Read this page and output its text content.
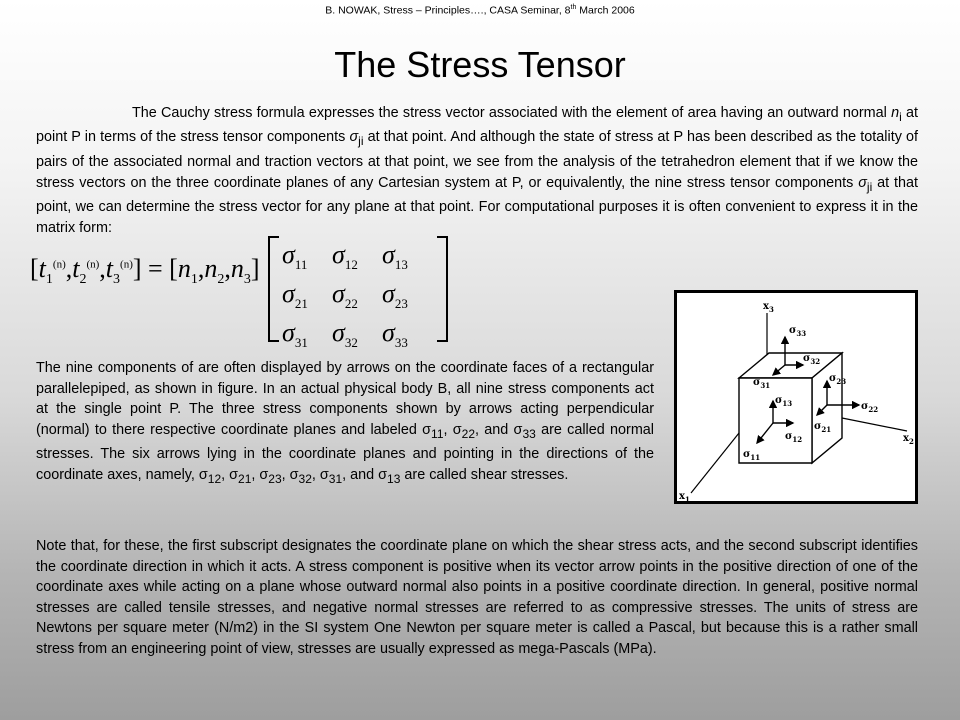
B. NOWAK, Stress – Principles…., CASA Seminar, 8th March 2006
The Stress Tensor

The Cauchy stress formula expresses the stress vector associated with the element of area having an outward normal $n_i$ at point P in terms of the stress tensor components $\sigma_{ji}$ at that point. And although the state of stress at P has been described as the totality of pairs of the associated normal and traction vectors at that point, we see from the analysis of the tetrahedron element that if we know the stress vectors on the three coordinate planes of any Cartesian system at P, or equivalently, the nine stress tensor components $\sigma_{ji}$ at that point, we can determine the stress vector for any plane at that point. For computational purposes it is often convenient to express it in the matrix form:

$[t_1^{(n)},t_2^{(n)},t_3^{(n)}] = [n_1,n_2,n_3]$ $\sigma_{11}$ $\sigma_{12}$ $\sigma_{13}$
$\sigma_{21}$ $\sigma_{22}$ $\sigma_{23}$
$\sigma_{31}$ $\sigma_{32}$ $\sigma_{33}$

The nine components of are often displayed by arrows on the coordinate faces of a rectangular parallelepiped, as shown in figure. In an actual physical body B, all nine stress components act at the single point P. The three stress components shown by arrows acting perpendicular (normal) to there respective coordinate planes and labeled $\sigma_{11}$, $\sigma_{22}$, and $\sigma_{33}$ are called normal stresses. The six arrows lying in the coordinate planes and pointing in the directions of the coordinate axes, namely, $\sigma_{12}$, $\sigma_{21}$, $\sigma_{23}$, $\sigma_{32}$, $\sigma_{31}$, and $\sigma_{13}$ are called shear stresses.

$x_3$
$x_2$
$x_1$
$\sigma_{33}$
$\sigma_{32}$
$\sigma_{31}$
$\sigma_{23}$
$\sigma_{22}$
$\sigma_{13}$
$\sigma_{21}$
$\sigma_{12}$
$\sigma_{11}$

Note that, for these, the first subscript designates the coordinate plane on which the shear stress acts, and the second subscript identifies the coordinate direction in which it acts. A stress component is positive when its vector arrow points in the positive direction of one of the coordinate axes while acting on a plane whose outward normal also points in a positive coordinate direction. In general, positive normal stresses are called tensile stresses, and negative normal stresses are referred to as compressive stresses. The units of stress are Newtons per square meter (N/m2) in the SI system One Newton per square meter is called a Pascal, but because this is a rather small stress from an engineering point of view, stresses are usually expressed as mega-Pascals (MPa).
